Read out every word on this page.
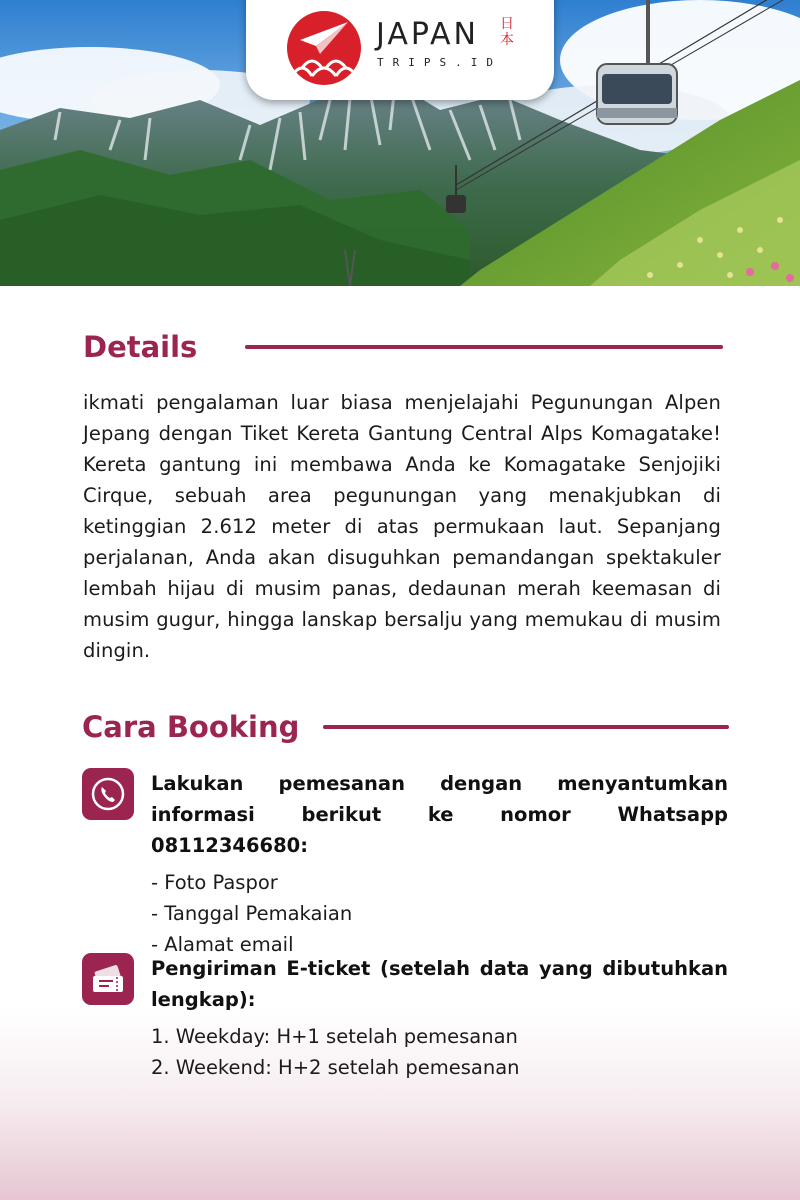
JAPAN
TRIPS.ID
日本
Details
ikmati pengalaman luar biasa menjelajahi Pegunungan Alpen Jepang dengan Tiket Kereta Gantung Central Alps Komagatake! Kereta gantung ini membawa Anda ke Komagatake Senjojiki Cirque, sebuah area pegunungan yang menakjubkan di ketinggian 2.612 meter di atas permukaan laut. Sepanjang perjalanan, Anda akan disuguhkan pemandangan spektakuler lembah hijau di musim panas, dedaunan merah keemasan di musim gugur, hingga lanskap bersalju yang memukau di musim dingin.
Cara Booking
Lakukan pemesanan dengan menyantumkan informasi berikut ke nomor Whatsapp 08112346680:
- Foto Paspor
- Tanggal Pemakaian
- Alamat email
Pengiriman E-ticket (setelah data yang dibutuhkan lengkap):
1. Weekday: H+1 setelah pemesanan
2. Weekend: H+2 setelah pemesanan
